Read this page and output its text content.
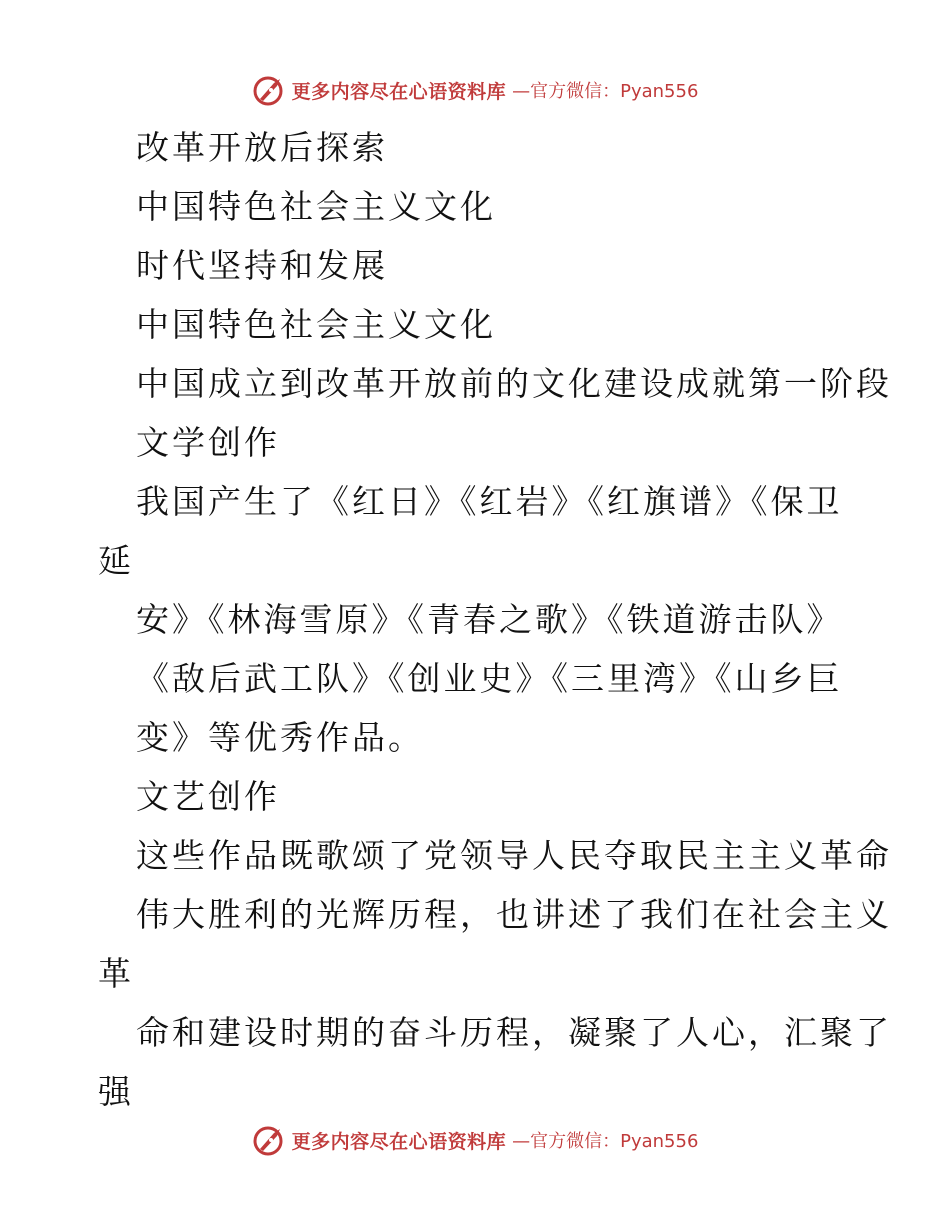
更多内容尽在心语资料库 —官方微信：Pyan556
改革开放后探索
中国特色社会主义文化
时代坚持和发展
中国特色社会主义文化
中国成立到改革开放前的文化建设成就第一阶段
文学创作
我国产生了《红日》《红岩》《红旗谱》《保卫
延
安》《林海雪原》《青春之歌》《铁道游击队》
《敌后武工队》《创业史》《三里湾》《山乡巨
变》等优秀作品。
文艺创作
这些作品既歌颂了党领导人民夺取民主主义革命
伟大胜利的光辉历程，也讲述了我们在社会主义
革
命和建设时期的奋斗历程，凝聚了人心，汇聚了
强
更多内容尽在心语资料库 —官方微信：Pyan556
